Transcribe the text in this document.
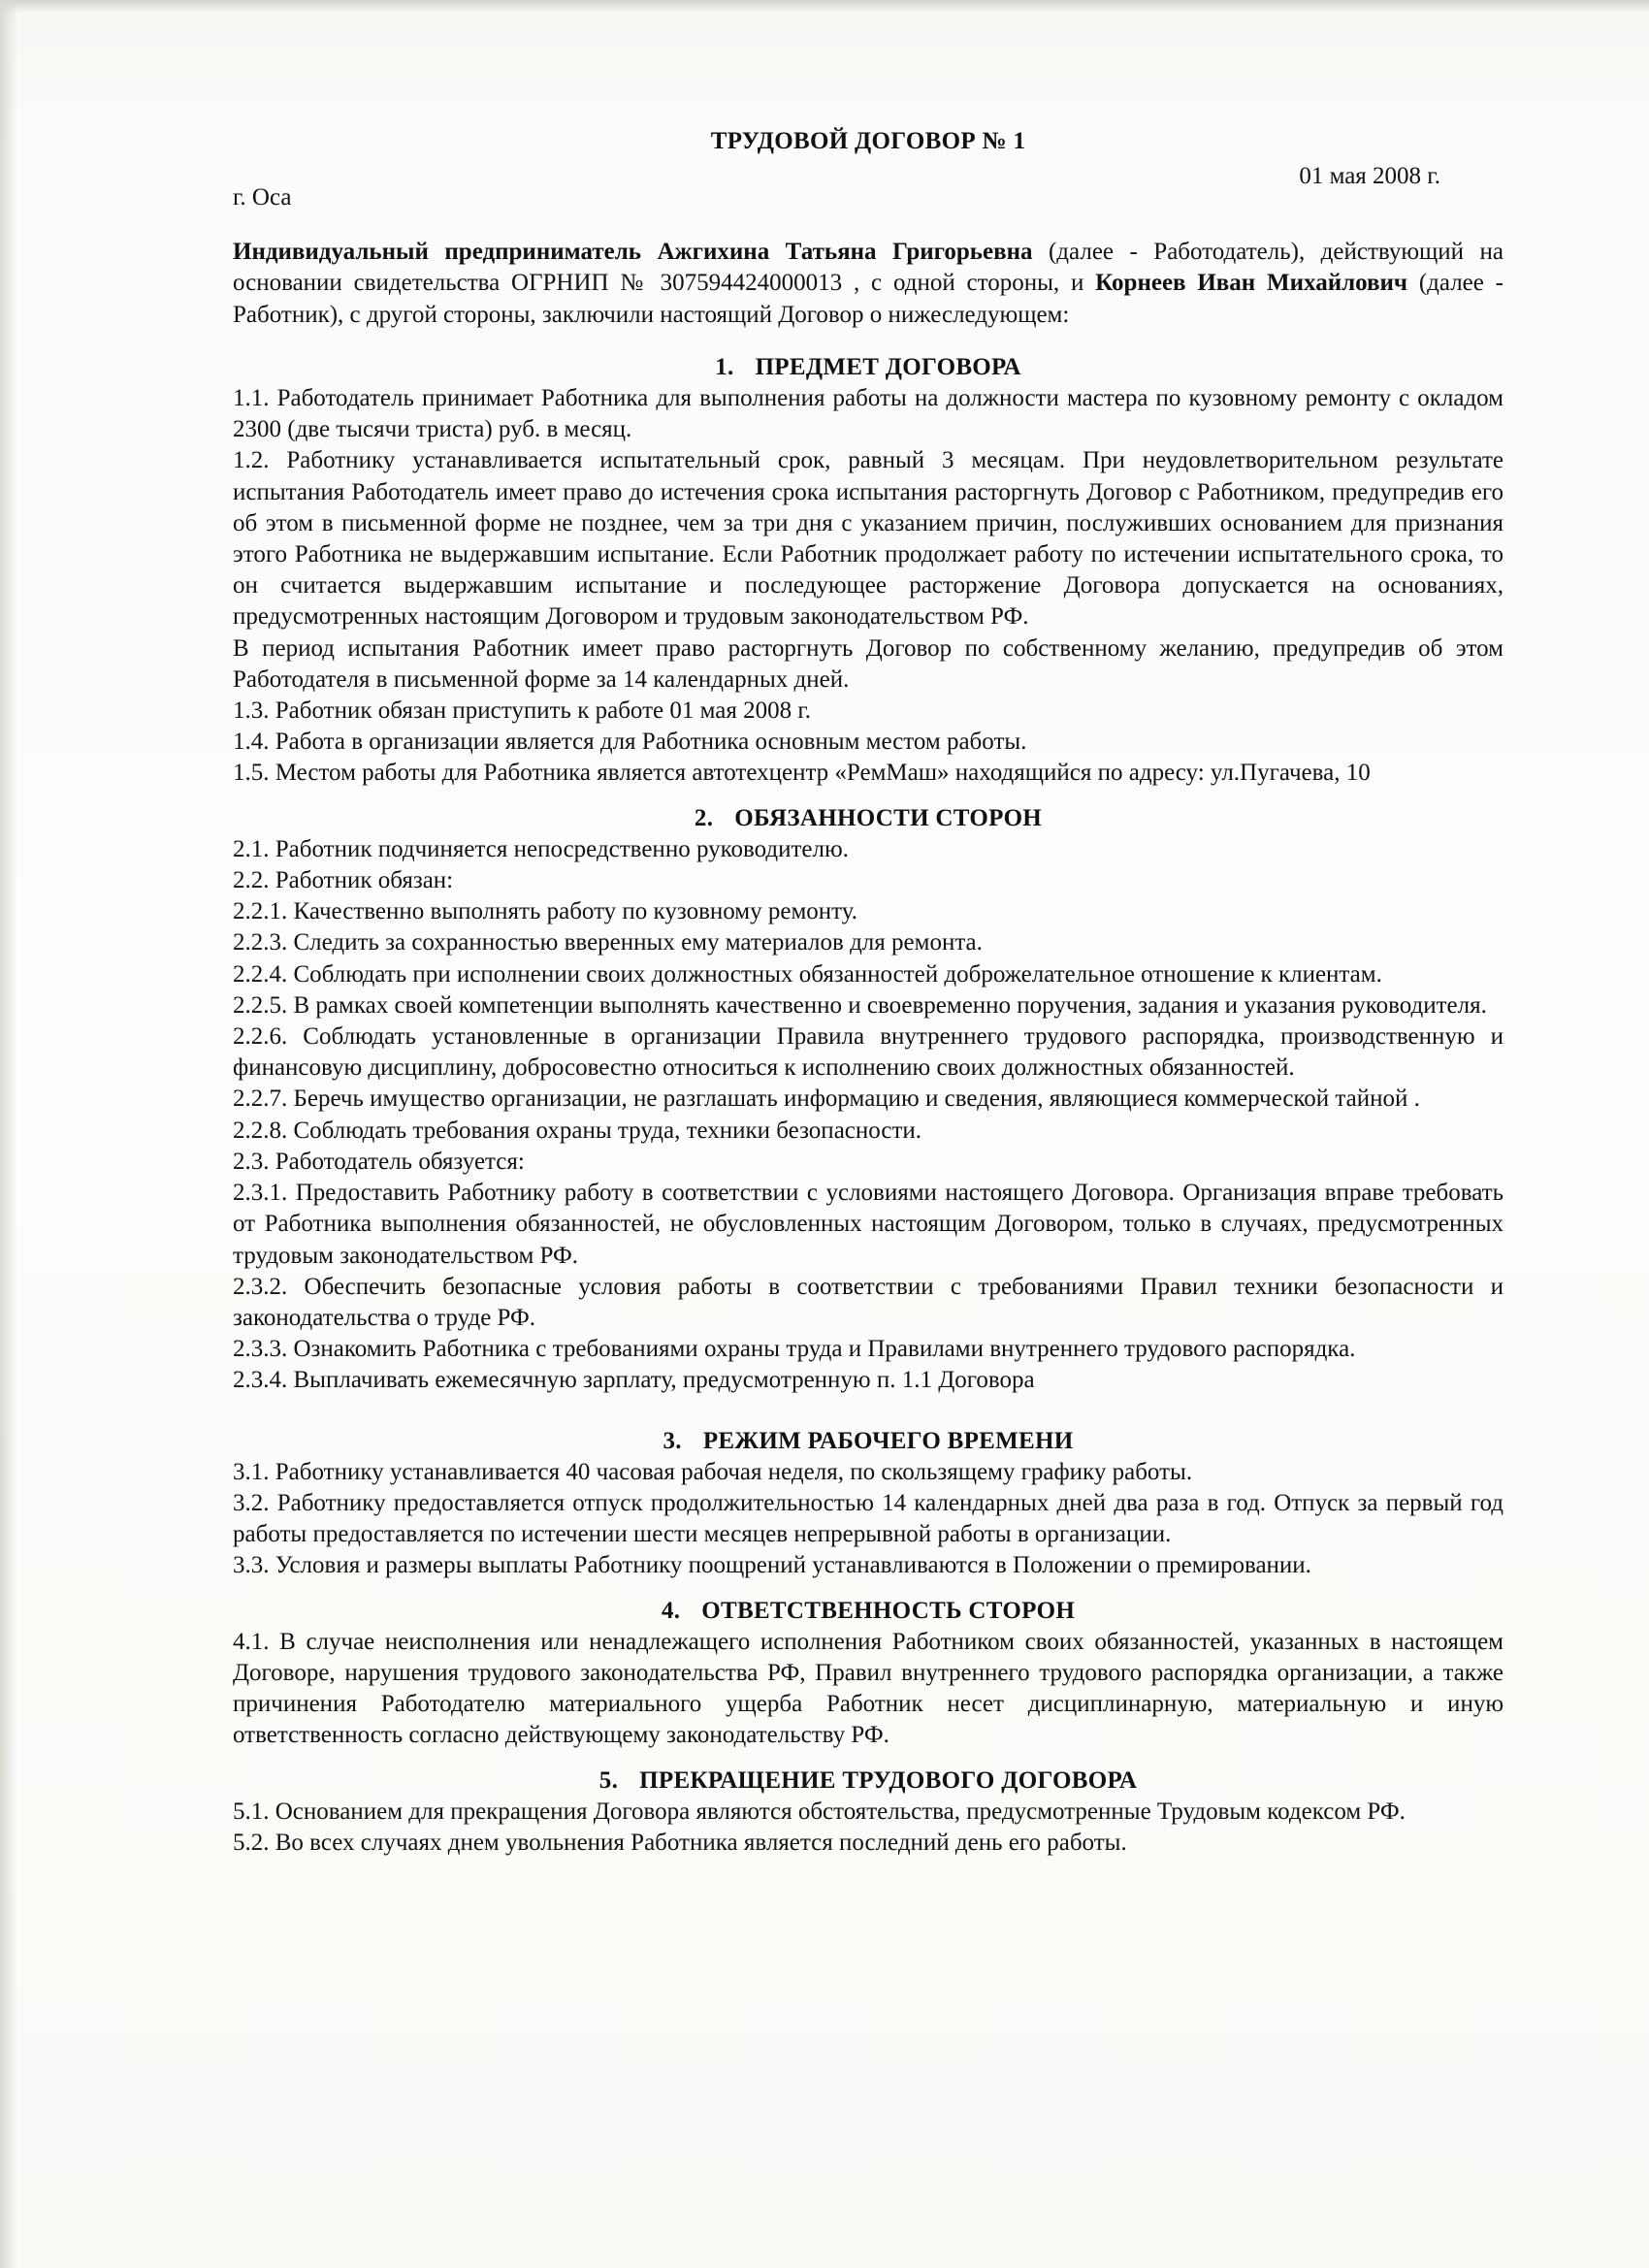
ТРУДОВОЙ ДОГОВОР № 1
г. Оса
01 мая 2008 г.
Индивидуальный предприниматель Ажгихина Татьяна Григорьевна (далее - Работодатель), действующий на основании свидетельства ОГРНИП № 307594424000013 , с одной стороны, и Корнеев Иван Михайлович (далее - Работник), с другой стороны, заключили настоящий Договор о нижеследующем:
1. ПРЕДМЕТ ДОГОВОРА

1.1. Работодатель принимает Работника для выполнения работы на должности мастера по кузовному ремонту с окладом 2300 (две тысячи триста) руб. в месяц.

1.2. Работнику устанавливается испытательный срок, равный 3 месяцам. При неудовлетворительном результате испытания Работодатель имеет право до истечения срока испытания расторгнуть Договор с Работником, предупредив его об этом в письменной форме не позднее, чем за три дня с указанием причин, послуживших основанием для признания этого Работника не выдержавшим испытание. Если Работник продолжает работу по истечении испытательного срока, то он считается выдержавшим испытание и последующее расторжение Договора допускается на основаниях, предусмотренных настоящим Договором и трудовым законодательством РФ.

В период испытания Работник имеет право расторгнуть Договор по собственному желанию, предупредив об этом Работодателя в письменной форме за 14 календарных дней.

1.3. Работник обязан приступить к работе 01 мая 2008 г.

1.4. Работа в организации является для Работника основным местом работы.

1.5. Местом работы для Работника является автотехцентр «РемМаш» находящийся по адресу: ул.Пугачева, 10

2. ОБЯЗАННОСТИ СТОРОН

2.1. Работник подчиняется непосредственно руководителю.

2.2. Работник обязан:

2.2.1. Качественно выполнять работу по кузовному ремонту.

2.2.3. Следить за сохранностью вверенных ему материалов для ремонта.

2.2.4. Соблюдать при исполнении своих должностных обязанностей доброжелательное отношение к клиентам.

2.2.5. В рамках своей компетенции выполнять качественно и своевременно поручения, задания и указания руководителя.

2.2.6. Соблюдать установленные в организации Правила внутреннего трудового распорядка, производственную и финансовую дисциплину, добросовестно относиться к исполнению своих должностных обязанностей.

2.2.7. Беречь имущество организации, не разглашать информацию и сведения, являющиеся коммерческой тайной .

2.2.8. Соблюдать требования охраны труда, техники безопасности.

2.3. Работодатель обязуется:

2.3.1. Предоставить Работнику работу в соответствии с условиями настоящего Договора. Организация вправе требовать от Работника выполнения обязанностей, не обусловленных настоящим Договором, только в случаях, предусмотренных трудовым законодательством РФ.

2.3.2. Обеспечить безопасные условия работы в соответствии с требованиями Правил техники безопасности и законодательства о труде РФ.

2.3.3. Ознакомить Работника с требованиями охраны труда и Правилами внутреннего трудового распорядка.

2.3.4. Выплачивать ежемесячную зарплату, предусмотренную п. 1.1 Договора

3. РЕЖИМ РАБОЧЕГО ВРЕМЕНИ

3.1. Работнику устанавливается 40 часовая рабочая неделя, по скользящему графику работы.

3.2. Работнику предоставляется отпуск продолжительностью 14 календарных дней два раза в год. Отпуск за первый год работы предоставляется по истечении шести месяцев непрерывной работы в организации.

3.3. Условия и размеры выплаты Работнику поощрений устанавливаются в Положении о премировании.

4. ОТВЕТСТВЕННОСТЬ СТОРОН

4.1. В случае неисполнения или ненадлежащего исполнения Работником своих обязанностей, указанных в настоящем Договоре, нарушения трудового законодательства РФ, Правил внутреннего трудового распорядка организации, а также причинения Работодателю материального ущерба Работник несет дисциплинарную, материальную и иную ответственность согласно действующему законодательству РФ.

5. ПРЕКРАЩЕНИЕ ТРУДОВОГО ДОГОВОРА

5.1. Основанием для прекращения Договора являются обстоятельства, предусмотренные Трудовым кодексом РФ.

5.2. Во всех случаях днем увольнения Работника является последний день его работы.
